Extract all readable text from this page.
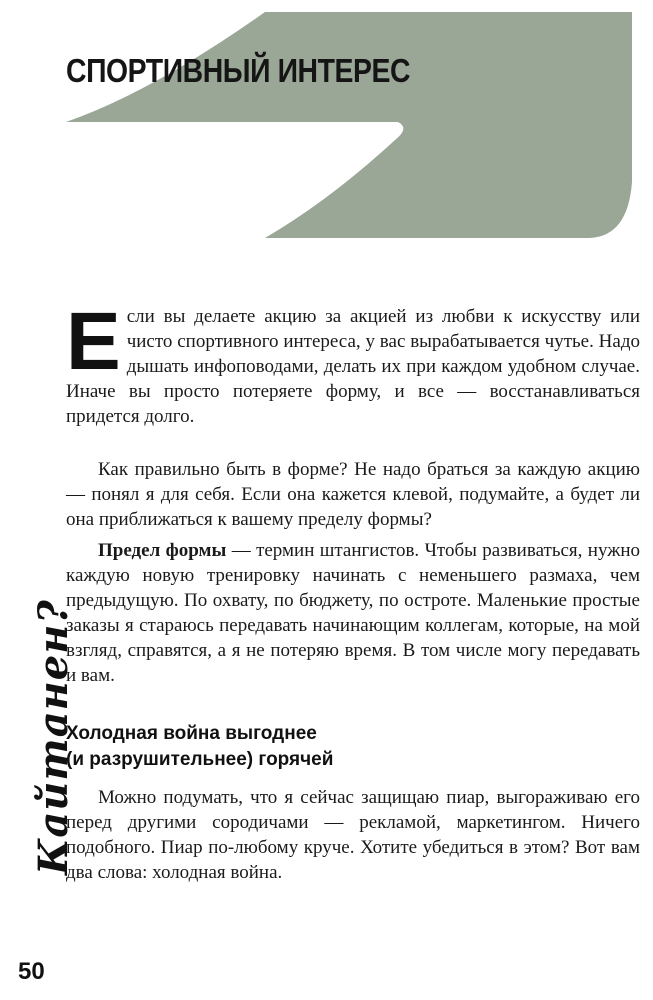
СПОРТИВНЫЙ ИНТЕРЕС

Если вы делаете акцию за акцией из любви к искусству или чисто спортивного интереса, у вас вырабатывается чутье. Надо дышать инфоповодами, делать их при каждом удобном случае. Иначе вы просто потеряете форму, и все — восстанавливаться придется долго.

Как правильно быть в форме? Не надо браться за каждую акцию — понял я для себя. Если она кажется клевой, подумайте, а будет ли она приближаться к вашему пределу формы?

Предел формы — термин штангистов. Чтобы развиваться, нужно каждую новую тренировку начинать с неменьшего размаха, чем предыдущую. По охвату, по бюджету, по остроте. Маленькие простые заказы я стараюсь передавать начинающим коллегам, которые, на мой взгляд, справятся, а я не потеряю время. В том числе могу передавать и вам.

Холодная война выгоднее
(и разрушительнее) горячей

Можно подумать, что я сейчас защищаю пиар, выгораживаю его перед другими сородичами — рекламой, маркетингом. Ничего подобного. Пиар по-любому круче. Хотите убедиться в этом? Вот вам два слова: холодная война.

Кайтанен?
50
